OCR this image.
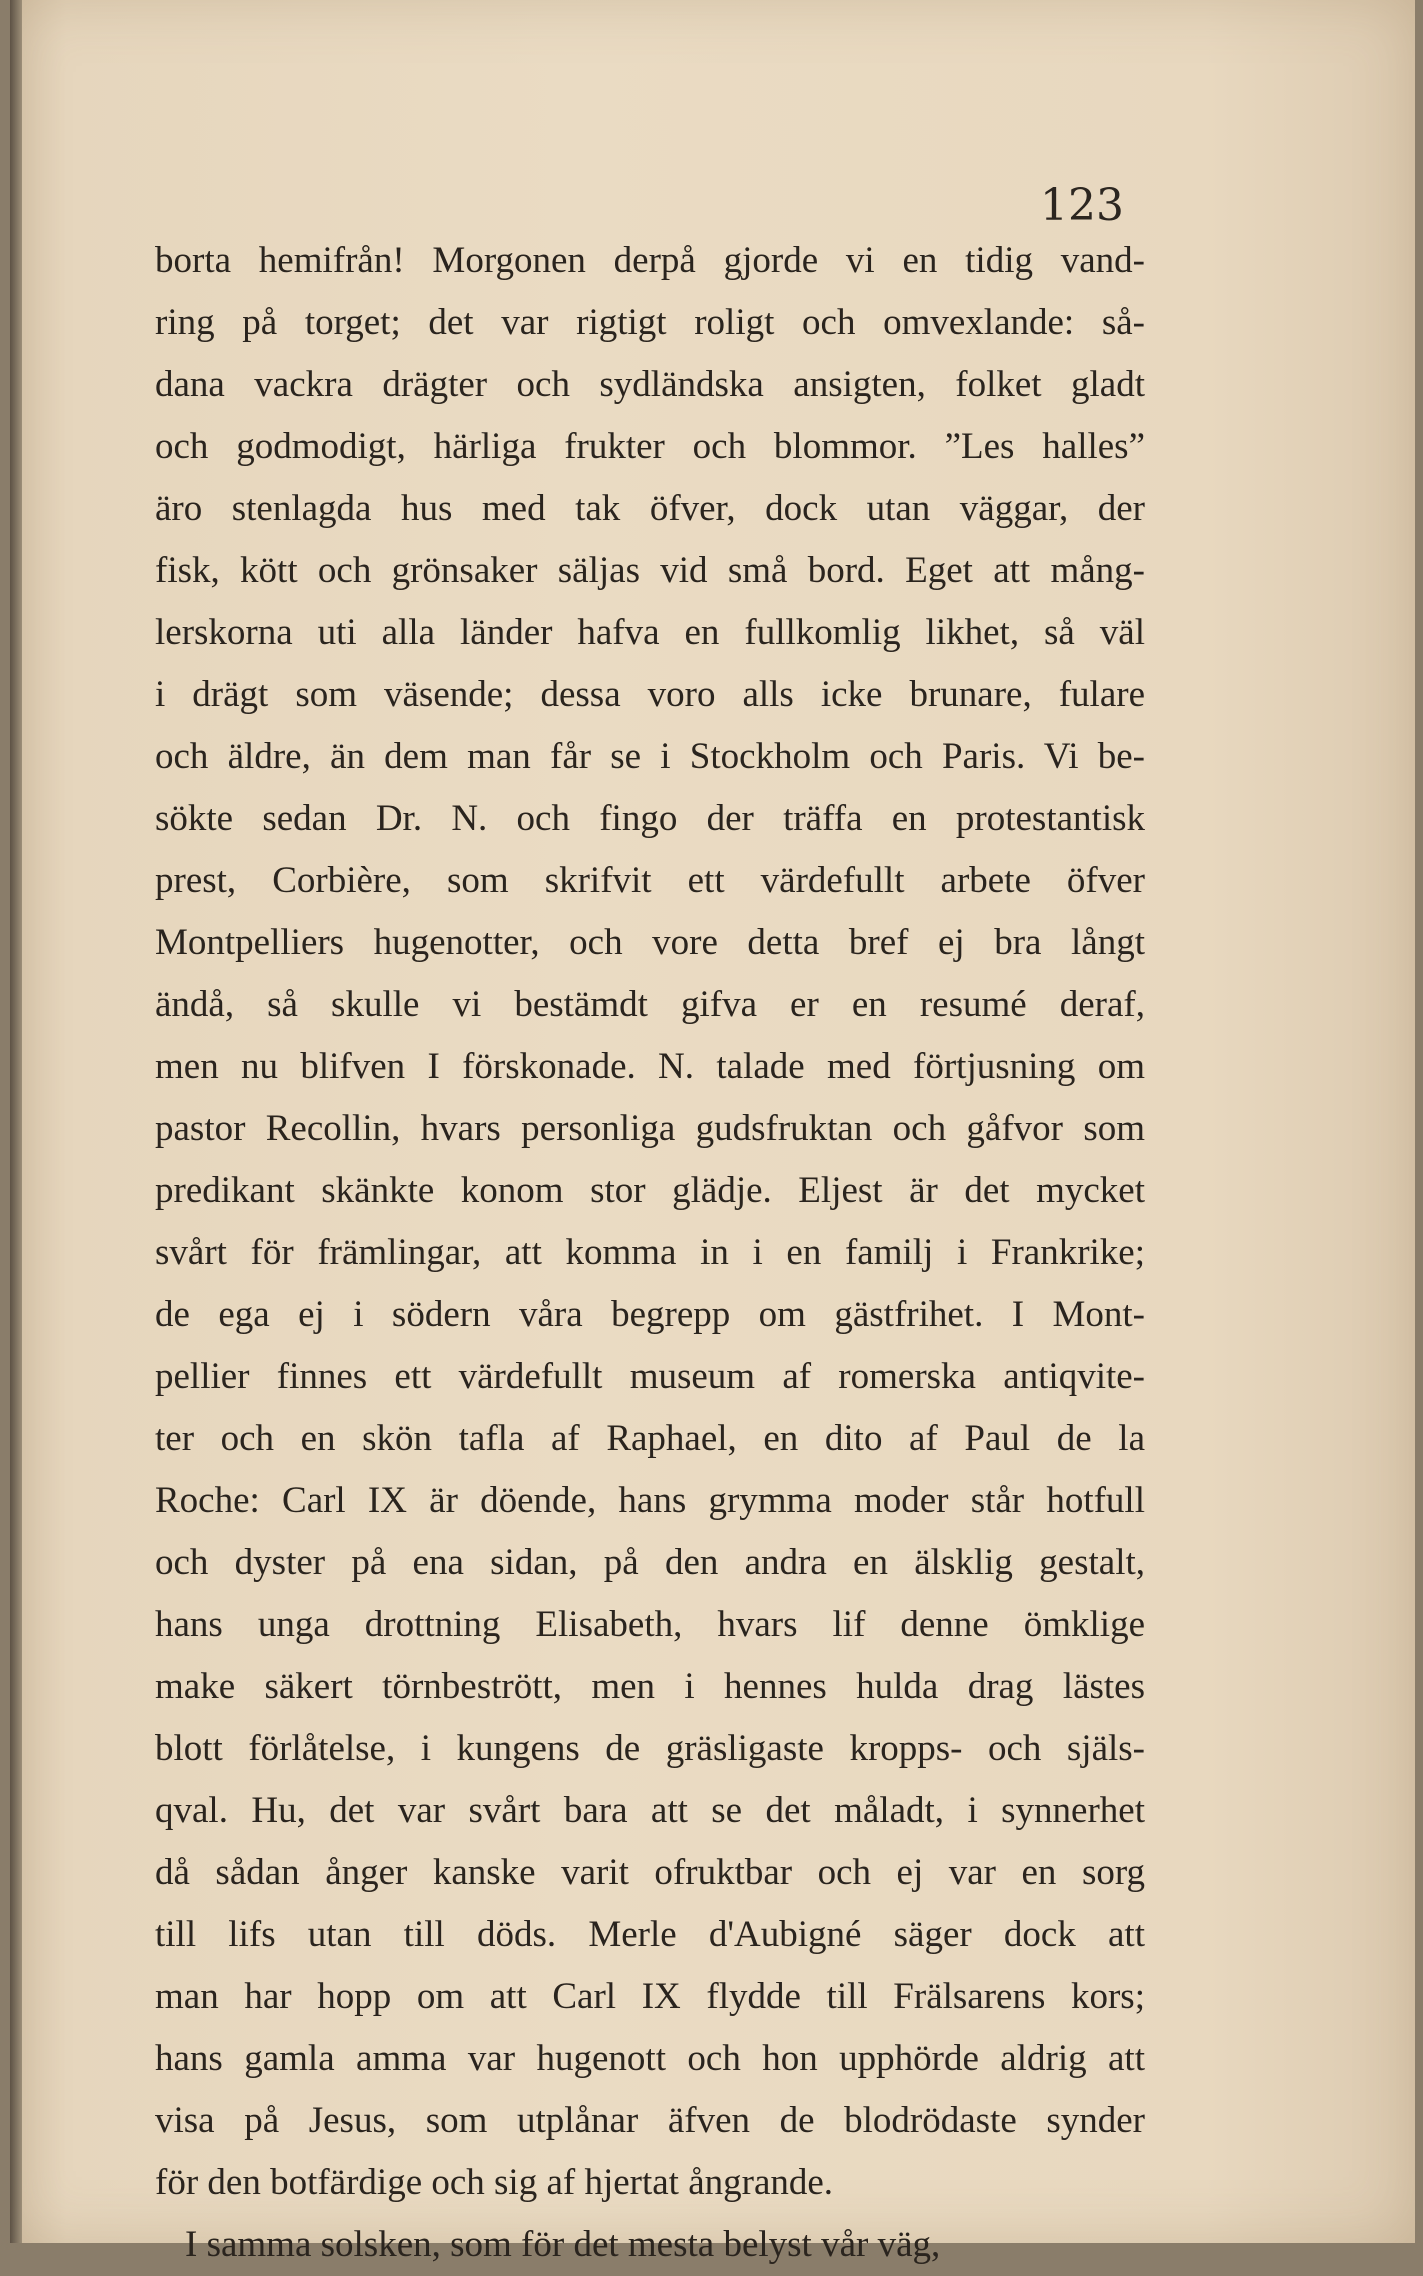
123
borta hemifrån! Morgonen derpå gjorde vi en tidig vand-
ring på torget; det var rigtigt roligt och omvexlande: så-
dana vackra drägter och sydländska ansigten, folket gladt
och godmodigt, härliga frukter och blommor. ”Les halles”
äro stenlagda hus med tak öfver, dock utan väggar, der
fisk, kött och grönsaker säljas vid små bord. Eget att mång-
lerskorna uti alla länder hafva en fullkomlig likhet, så väl
i drägt som väsende; dessa voro alls icke brunare, fulare
och äldre, än dem man får se i Stockholm och Paris. Vi be-
sökte sedan Dr. N. och fingo der träffa en protestantisk
prest, Corbière, som skrifvit ett värdefullt arbete öfver
Montpelliers hugenotter, och vore detta bref ej bra långt
ändå, så skulle vi bestämdt gifva er en resumé deraf,
men nu blifven I förskonade. N. talade med förtjusning om
pastor Recollin, hvars personliga gudsfruktan och gåfvor som
predikant skänkte konom stor glädje. Eljest är det mycket
svårt för främlingar, att komma in i en familj i Frankrike;
de ega ej i södern våra begrepp om gästfrihet. I Mont-
pellier finnes ett värdefullt museum af romerska antiqvite-
ter och en skön tafla af Raphael, en dito af Paul de la
Roche: Carl IX är döende, hans grymma moder står hotfull
och dyster på ena sidan, på den andra en älsklig gestalt,
hans unga drottning Elisabeth, hvars lif denne ömklige
make säkert törnbestrött, men i hennes hulda drag lästes
blott förlåtelse, i kungens de gräsligaste kropps- och själs-
qval. Hu, det var svårt bara att se det måladt, i synnerhet
då sådan ånger kanske varit ofruktbar och ej var en sorg
till lifs utan till döds. Merle d'Aubigné säger dock att
man har hopp om att Carl IX flydde till Frälsarens kors;
hans gamla amma var hugenott och hon upphörde aldrig att
visa på Jesus, som utplånar äfven de blodrödaste synder
för den botfärdige och sig af hjertat ångrande.
I samma solsken, som för det mesta belyst vår väg,
